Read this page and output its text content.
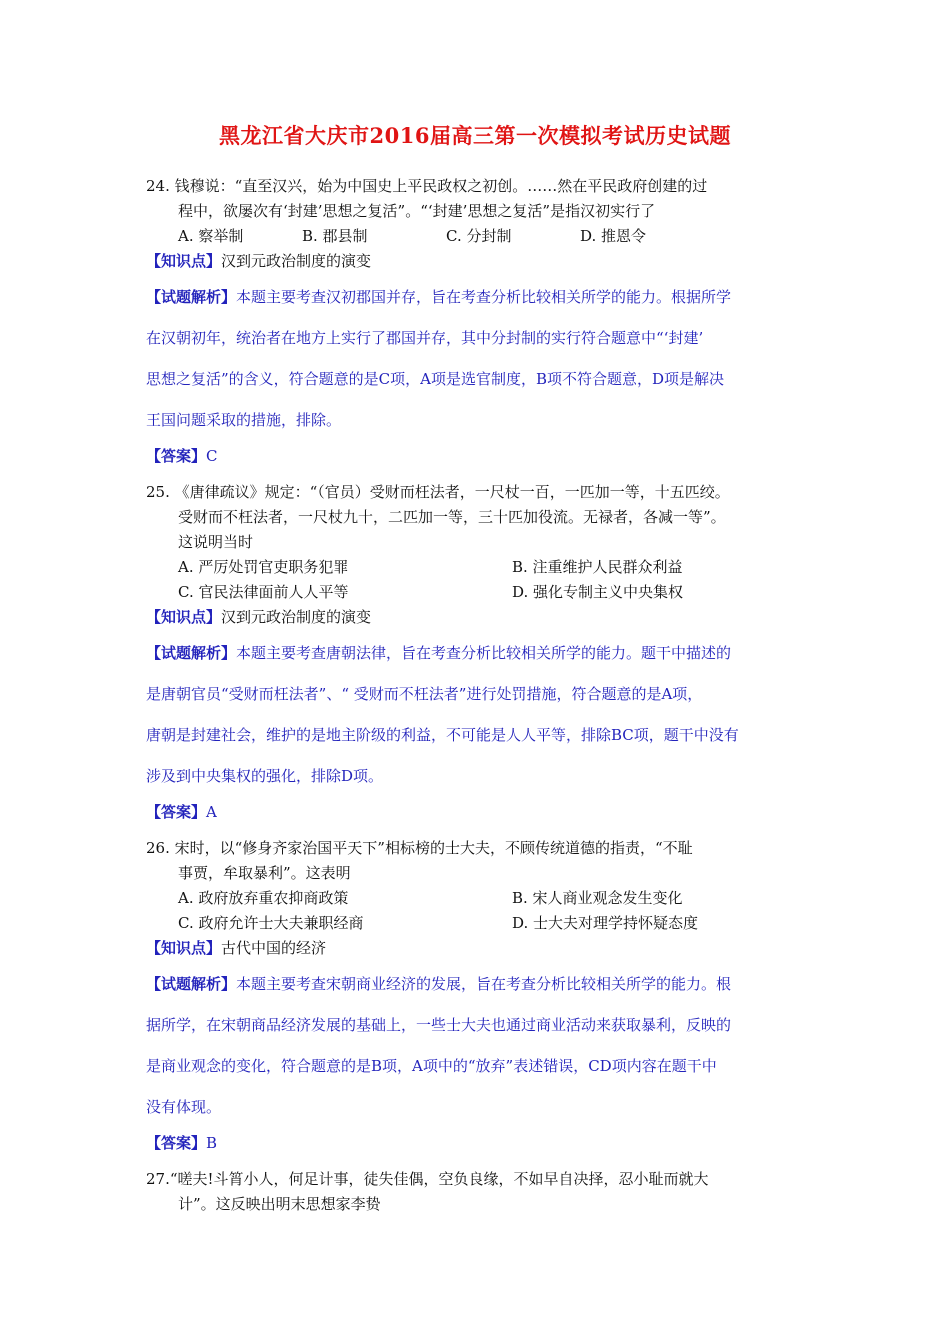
黑龙江省大庆市2016届高三第一次模拟考试历史试题
24. 钱穆说：“直至汉兴，始为中国史上平民政权之初创。……然在平民政府创建的过
程中，欲屡次有‘封建’思想之复活”。“‘封建’思想之复活”是指汉初实行了
A. 察举制	B. 郡县制	C. 分封制	D. 推恩令
【知识点】汉到元政治制度的演变
【试题解析】本题主要考查汉初郡国并存，旨在考查分析比较相关所学的能力。根据所学
在汉朝初年，统治者在地方上实行了郡国并存，其中分封制的实行符合题意中“‘封建’
思想之复活”的含义，符合题意的是C项，A项是选官制度，B项不符合题意，D项是解决
王国问题采取的措施，排除。
【答案】C
25. 《唐律疏议》规定：“（官员）受财而枉法者，一尺杖一百，一匹加一等，十五匹绞。
受财而不枉法者，一尺杖九十，二匹加一等，三十匹加役流。无禄者，各减一等”。
这说明当时
A. 严厉处罚官吏职务犯罪	B. 注重维护人民群众利益
C. 官民法律面前人人平等	D. 强化专制主义中央集权
【知识点】汉到元政治制度的演变
【试题解析】本题主要考查唐朝法律，旨在考查分析比较相关所学的能力。题干中描述的
是唐朝官员“受财而枉法者”、“ 受财而不枉法者”进行处罚措施，符合题意的是A项，
唐朝是封建社会，维护的是地主阶级的利益，不可能是人人平等，排除BC项，题干中没有
涉及到中央集权的强化，排除D项。
【答案】A
26. 宋时，以“修身齐家治国平天下”相标榜的士大夫，不顾传统道德的指责，“不耻
事贾，牟取暴利”。这表明
A. 政府放弃重农抑商政策	B. 宋人商业观念发生变化
C. 政府允许士大夫兼职经商	D. 士大夫对理学持怀疑态度
【知识点】古代中国的经济
【试题解析】本题主要考查宋朝商业经济的发展，旨在考查分析比较相关所学的能力。根
据所学，在宋朝商品经济发展的基础上，一些士大夫也通过商业活动来获取暴利，反映的
是商业观念的变化，符合题意的是B项，A项中的“放弃”表述错误，CD项内容在题干中
没有体现。
【答案】B
27.“嗟夫!斗筲小人，何足计事，徒失佳偶，空负良缘，不如早自决择，忍小耻而就大
计”。这反映出明末思想家李贽
